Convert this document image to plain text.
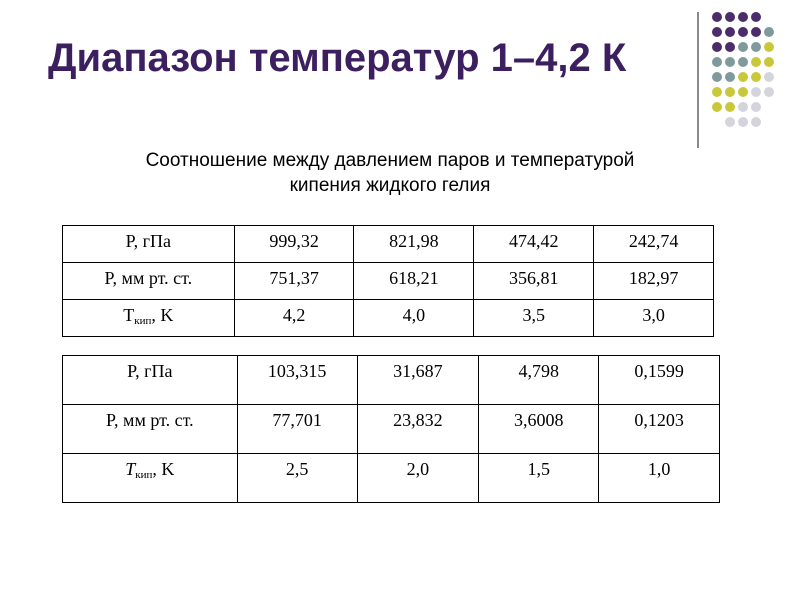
Диапазон температур 1–4,2 К
Соотношение между давлением паров и температурой
кипения жидкого гелия
P, гПа	999,32	821,98	474,42	242,74

P, мм рт. ст.	751,37	618,21	356,81	182,97

$T_{кип}$, K	4,2	4,0	3,5	3,0
P, гПа	103,315	31,687	4,798	0,1599

P, мм рт. ст.	77,701	23,832	3,6008	0,1203

$T_{кип}$, K	2,5	2,0	1,5	1,0
